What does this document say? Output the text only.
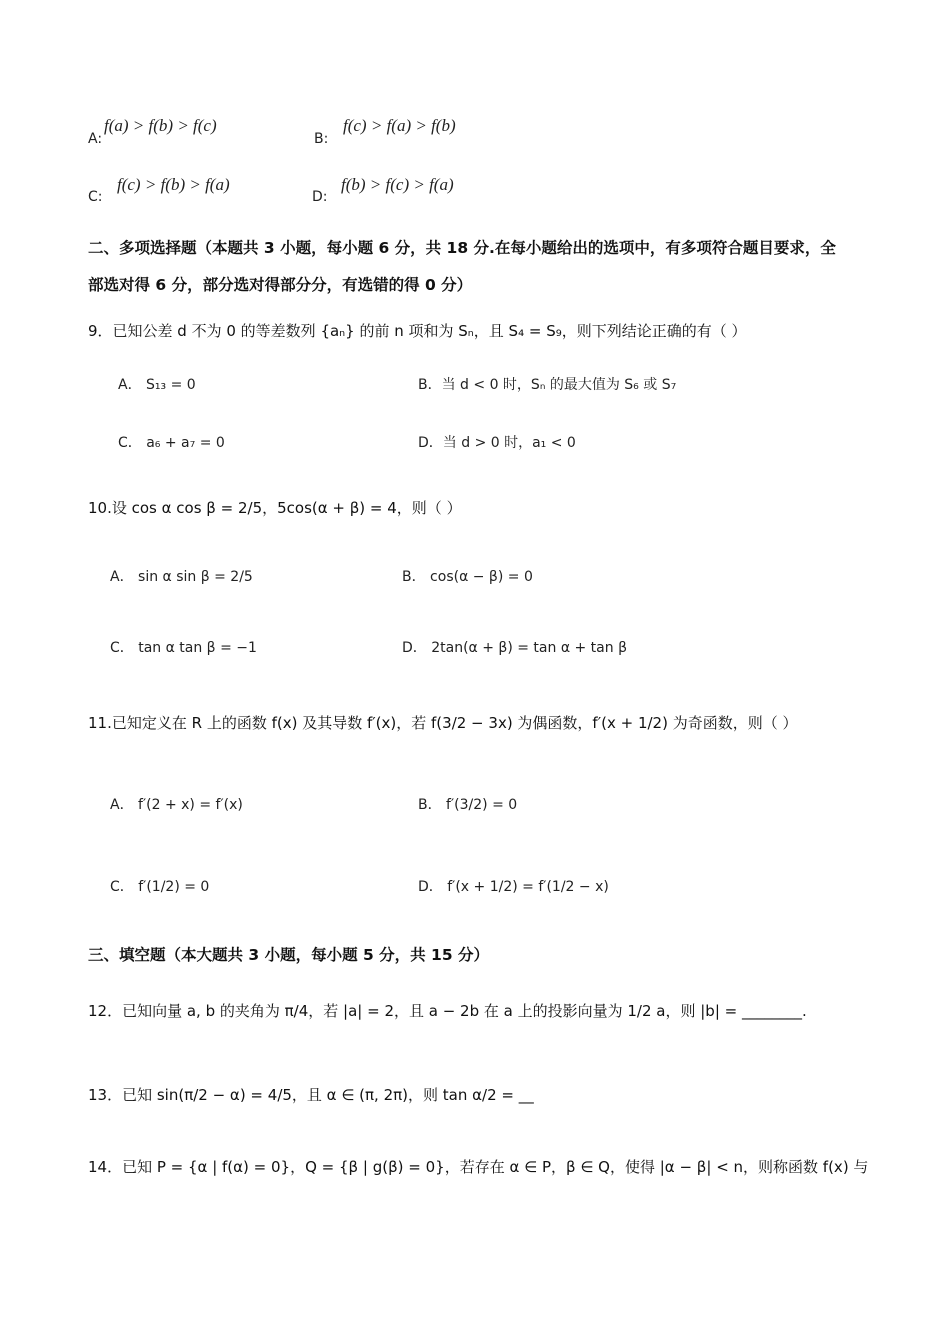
A:
f(a) > f(b) > f(c)
B:
f(c) > f(a) > f(b)
C:
f(c) > f(b) > f(a)
D:
f(b) > f(c) > f(a)
二、多项选择题（本题共 3 小题，每小题 6 分，共 18 分.在每小题给出的选项中，有多项符合题目要求，全
部选对得 6 分，部分选对得部分分，有选错的得 0 分）
9．已知公差 d 不为 0 的等差数列 {aₙ} 的前 n 项和为 Sₙ，且 S₄ = S₉，则下列结论正确的有（ ）
A． S₁₃ = 0	B．当 d < 0 时，Sₙ 的最大值为 S₆ 或 S₇
C． a₆ + a₇ = 0	D．当 d > 0 时，a₁ < 0
10.设 cos α cos β = 2/5，5cos(α + β) = 4，则（ ）
A． sin α sin β = 2/5	B． cos(α − β) = 0
C． tan α tan β = −1	D． 2tan(α + β) = tan α + tan β
11.已知定义在 R 上的函数 f(x) 及其导数 f′(x)，若 f(3/2 − 3x) 为偶函数，f′(x + 1/2) 为奇函数，则（ ）
A． f′(2 + x) = f′(x)	B． f′(3/2) = 0
C． f′(1/2) = 0	D． f′(x + 1/2) = f′(1/2 − x)
三、填空题（本大题共 3 小题，每小题 5 分，共 15 分）
12．已知向量 a, b 的夹角为 π/4，若 |a| = 2，且 a − 2b 在 a 上的投影向量为 1/2 a，则 |b| = ________.
13．已知 sin(π/2 − α) = 4/5，且 α ∈ (π, 2π)，则 tan α/2 = __
14．已知 P = {α | f(α) = 0}，Q = {β | g(β) = 0}，若存在 α ∈ P，β ∈ Q，使得 |α − β| < n，则称函数 f(x) 与
